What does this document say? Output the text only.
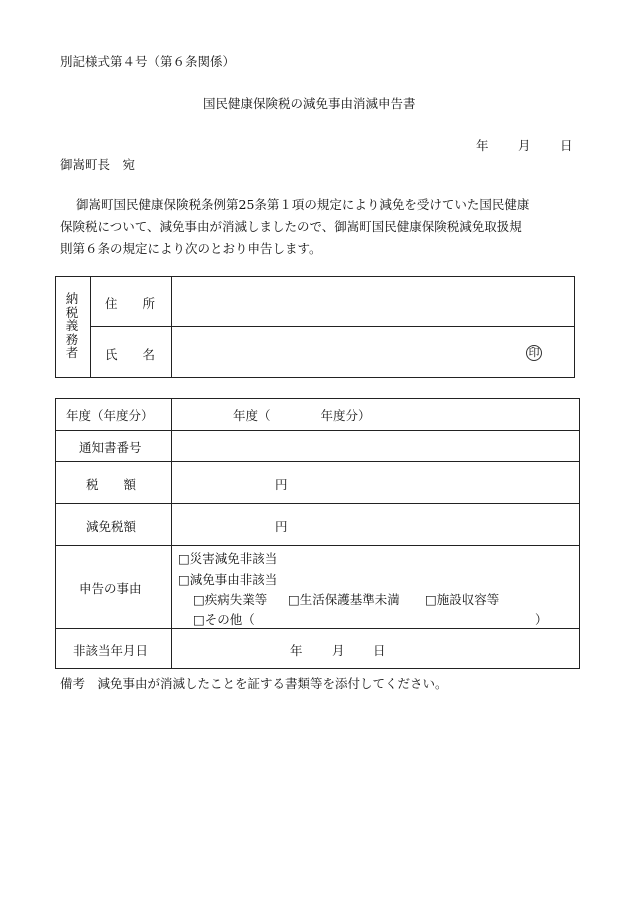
別記様式第４号（第６条関係）
国民健康保険税の減免事由消滅申告書
年 月 日
御嵩町長　宛
御嵩町国民健康保険税条例第25条第１項の規定により減免を受けていた国民健康
保険税について、減免事由が消滅しましたので、御嵩町国民健康保険税減免取扱規
則第６条の規定により次のとおり申告します。
納
税
義
務
者
住　　所
氏　　名	印
年度（年度分）	年度（　　　　年度分）
通知書番号
税　　額	円
減免税額	円
申告の事由
□災害減免非該当
□減免事由非該当
□疾病失業等 □生活保護基準未満 □施設収容等
□その他（	）
非該当年月日	年 月 日
備考　減免事由が消滅したことを証する書類等を添付してください。
